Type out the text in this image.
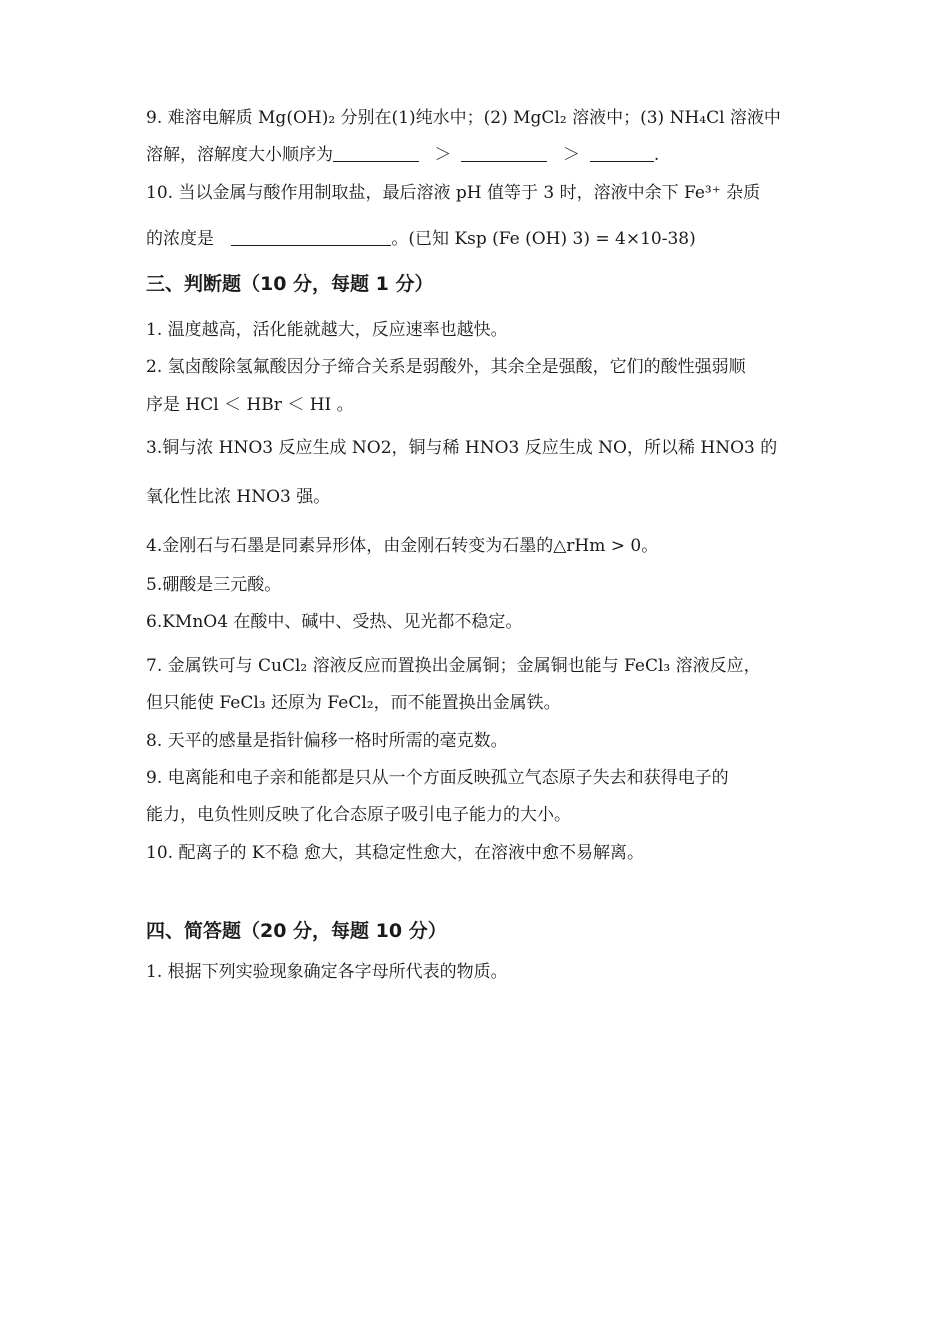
9. 难溶电解质 Mg(OH)₂ 分别在(1)纯水中；(2) MgCl₂ 溶液中；(3) NH₄Cl 溶液中
溶解，溶解度大小顺序为	＞	＞	.
10. 当以金属与酸作用制取盐，最后溶液 pH 值等于 3 时，溶液中余下 Fe³⁺ 杂质
的浓度是	。(已知 Ksp (Fe (OH) 3) = 4×10-38)
三、判断题（10 分，每题 1 分）
1. 温度越高，活化能就越大，反应速率也越快。
2. 氢卤酸除氢氟酸因分子缔合关系是弱酸外，其余全是强酸，它们的酸性强弱顺
序是 HCl ＜ HBr ＜ HI 。
3.铜与浓 HNO3 反应生成 NO2，铜与稀 HNO3 反应生成 NO，所以稀 HNO3 的
氧化性比浓 HNO3 强。
4.金刚石与石墨是同素异形体，由金刚石转变为石墨的△rHm > 0。
5.硼酸是三元酸。
6.KMnO4 在酸中、碱中、受热、见光都不稳定。
7. 金属铁可与 CuCl₂ 溶液反应而置换出金属铜；金属铜也能与 FeCl₃ 溶液反应，
但只能使 FeCl₃ 还原为 FeCl₂，而不能置换出金属铁。
8. 天平的感量是指针偏移一格时所需的毫克数。
9. 电离能和电子亲和能都是只从一个方面反映孤立气态原子失去和获得电子的
能力，电负性则反映了化合态原子吸引电子能力的大小。
10. 配离子的 K不稳 愈大，其稳定性愈大，在溶液中愈不易解离。
四、简答题（20 分，每题 10 分）
1. 根据下列实验现象确定各字母所代表的物质。
